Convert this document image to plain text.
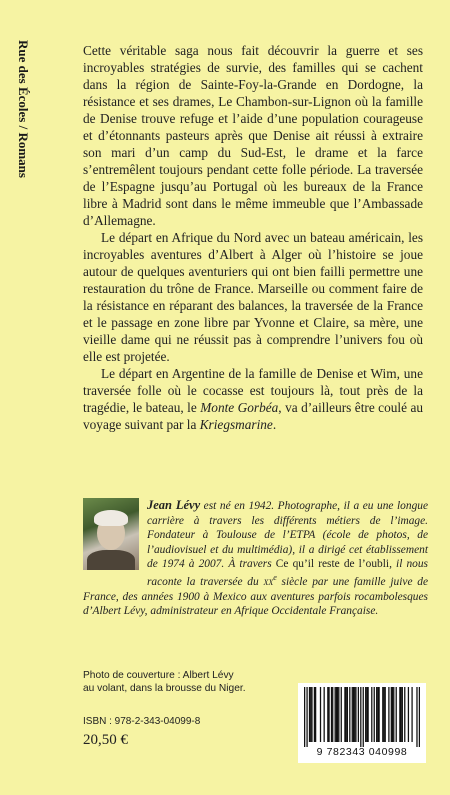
Rue des Écoles / Romans	Cette véritable saga nous fait découvrir la guerre et ses incroyables stratégies de survie, des familles qui se cachent dans la région de Sainte-Foy-la-Grande en Dordogne, la résistance et ses drames, Le Chambon-sur-Lignon où la famille de Denise trouve refuge et l’aide d’une population courageuse et d’étonnants pasteurs après que Denise ait réussi à extraire son mari d’un camp du Sud-Est, le drame et la farce s’entremêlent toujours pendant cette folle période. La traversée de l’Espagne jusqu’au Portugal où les bureaux de la France libre à Madrid sont dans le même immeuble que l’Ambassade d’Allemagne.

Le départ en Afrique du Nord avec un bateau américain, les incroyables aventures d’Albert à Alger où l’histoire se joue autour de quelques aventuriers qui ont bien failli permettre une restauration du trône de France. Marseille ou comment faire de la résistance en réparant des balances, la traversée de la France et le passage en zone libre par Yvonne et Claire, sa mère, une vieille dame qui ne réussit pas à comprendre l’univers fou où elle est projetée.

Le départ en Argentine de la famille de Denise et Wim, une traversée folle où le cocasse est toujours là, tout près de la tragédie, le bateau, le Monte Gorbéa, va d’ailleurs être coulé au voyage suivant par la Kriegsmarine.

Jean Lévy est né en 1942. Photographe, il a eu une longue carrière à travers les différents métiers de l’image. Fondateur à Toulouse de l’ETPA (école de photos, de l’audiovisuel et du multimédia), il a dirigé cet établissement de 1974 à 2007. À travers Ce qu’il reste de l’oubli, il nous raconte la traversée du $xx^e$ siècle par une famille juive de France, des années 1900 à Mexico aux aventures parfois rocambolesques d’Albert Lévy, administrateur en Afrique Occidentale Française.

Photo de couverture : Albert Lévy
au volant, dans la brousse du Niger.
ISBN : 978-2-343-04099-8
20,50 €
9 782343 040998
